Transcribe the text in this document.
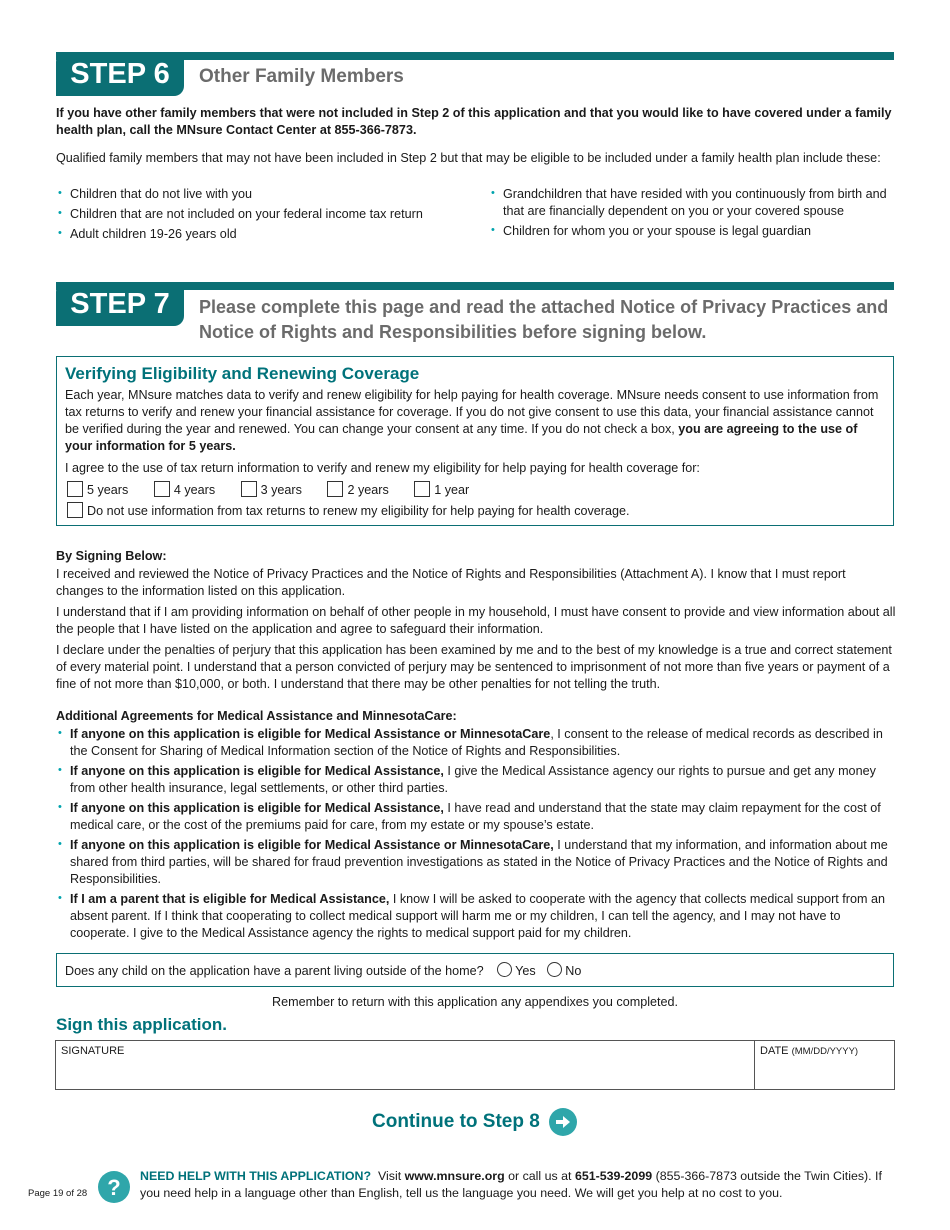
STEP 6	Other Family Members

If you have other family members that were not included in Step 2 of this application and that you would like to have covered under a family health plan, call the MNsure Contact Center at 855-366-7873.

Qualified family members that may not have been included in Step 2 but that may be eligible to be included under a family health plan include these:

• Children that do not live with you
• Children that are not included on your federal income tax return
• Adult children 19-26 years old
• Grandchildren that have resided with you continuously from birth and that are financially dependent on you or your covered spouse
• Children for whom you or your spouse is legal guardian
STEP 7	Please complete this page and read the attached Notice of Privacy Practices and Notice of Rights and Responsibilities before signing below.
Verifying Eligibility and Renewing Coverage

Each year, MNsure matches data to verify and renew eligibility for help paying for health coverage. MNsure needs consent to use information from tax returns to verify and renew your financial assistance for coverage. If you do not give consent to use this data, your financial assistance cannot be verified during the year and renewed. You can change your consent at any time. If you do not check a box, you are agreeing to the use of your information for 5 years.

I agree to the use of tax return information to verify and renew my eligibility for help paying for health coverage for:

5 years	4 years	3 years	2 years	1 year
Do not use information from tax returns to renew my eligibility for help paying for health coverage.
By Signing Below:

I received and reviewed the Notice of Privacy Practices and the Notice of Rights and Responsibilities (Attachment A). I know that I must report changes to the information listed on this application.

I understand that if I am providing information on behalf of other people in my household, I must have consent to provide and view information about all the people that I have listed on the application and agree to safeguard their information.

I declare under the penalties of perjury that this application has been examined by me and to the best of my knowledge is a true and correct statement of every material point. I understand that a person convicted of perjury may be sentenced to imprisonment of not more than five years or payment of a fine of not more than $10,000, or both. I understand that there may be other penalties for not telling the truth.

Additional Agreements for Medical Assistance and MinnesotaCare:
• If anyone on this application is eligible for Medical Assistance or MinnesotaCare, I consent to the release of medical records as described in the Consent for Sharing of Medical Information section of the Notice of Rights and Responsibilities.
• If anyone on this application is eligible for Medical Assistance, I give the Medical Assistance agency our rights to pursue and get any money from other health insurance, legal settlements, or other third parties.
• If anyone on this application is eligible for Medical Assistance, I have read and understand that the state may claim repayment for the cost of medical care, or the cost of the premiums paid for care, from my estate or my spouse’s estate.
• If anyone on this application is eligible for Medical Assistance or MinnesotaCare, I understand that my information, and information about me shared from third parties, will be shared for fraud prevention investigations as stated in the Notice of Privacy Practices and the Notice of Rights and Responsibilities.
• If I am a parent that is eligible for Medical Assistance, I know I will be asked to cooperate with the agency that collects medical support from an absent parent. If I think that cooperating to collect medical support will harm me or my children, I can tell the agency, and I may not have to cooperate. I give to the Medical Assistance agency the rights to medical support paid for my children.
Does any child on the application have a parent living outside of the home?	Yes No
Remember to return with this application any appendixes you completed.
Sign this application.
SIGNATURE	DATE (MM/DD/YYYY)
Continue to Step 8
Page 19 of 28 ? NEED HELP WITH THIS APPLICATION? Visit www.mnsure.org or call us at 651-539-2099 (855-366-7873 outside the Twin Cities). If you need help in a language other than English, tell us the language you need. We will get you help at no cost to you.
